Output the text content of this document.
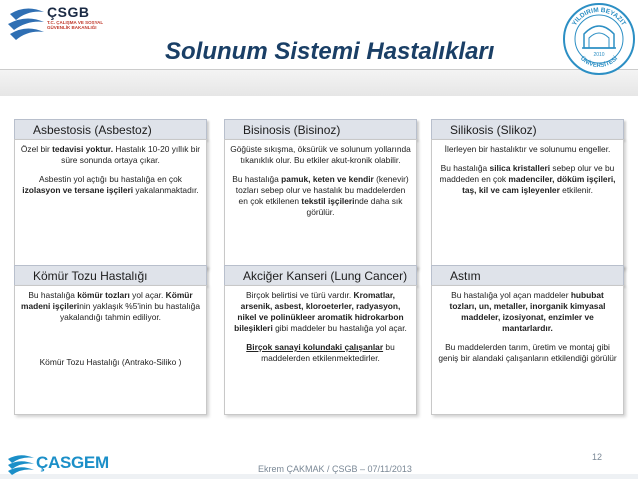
ÇSGB
T.C. ÇALIŞMA VE SOSYAL GÜVENLİK BAKANLIĞI
Solunum Sistemi Hastalıkları	2010
YILDIRIM BEYAZIT
ÜNİVERSİTESİ
Asbestosis (Asbestoz)

Özel bir tedavisi yoktur. Hastalık 10-20 yıllık bir süre sonunda ortaya çıkar.

Asbestin yol açtığı bu hastalığa en çok izolasyon ve tersane işçileri yakalanmaktadır.

Bisinosis (Bisinoz)

Göğüste sıkışma, öksürük ve solunum yollarında tıkanıklık olur. Bu etkiler akut-kronik olabilir.

Bu hastalığa pamuk, keten ve kendir (kenevir) tozları sebep olur ve hastalık bu maddelerden en çok etkilenen tekstil işçilerinde daha sık görülür.

Silikosis (Slikoz)

İlerleyen bir hastalıktır ve solunumu engeller.

Bu hastalığa silica kristalleri sebep olur ve bu maddeden en çok madenciler, döküm işçileri, taş, kil ve cam işleyenler etkilenir.

Kömür Tozu Hastalığı

Bu hastalığa kömür tozları yol açar. Kömür madeni işçilerinin yaklaşık %5'inin bu hastalığa yakalandığı tahmin ediliyor.

Kömür Tozu Hastalığı (Antrako-Siliko )

Akciğer Kanseri (Lung Cancer)

Birçok belirtisi ve türü vardır. Kromatlar, arsenik, asbest, kloroeterler, radyasyon, nikel ve polinükleer aromatik hidrokarbon bileşikleri gibi maddeler bu hastalığa yol açar.

Birçok sanayi kolundaki çalışanlar bu maddelerden etkilenmektedirler.

Astım

Bu hastalığa yol açan maddeler hububat tozları, un, metaller, inorganik kimyasal maddeler, izosiyonat, enzimler ve mantarlardır.

Bu maddelerden tarım, üretim ve montaj gibi geniş bir alandaki çalışanların etkilendiği görülür

ÇASGEM	Ekrem ÇAKMAK / ÇSGB – 07/11/2013
12
